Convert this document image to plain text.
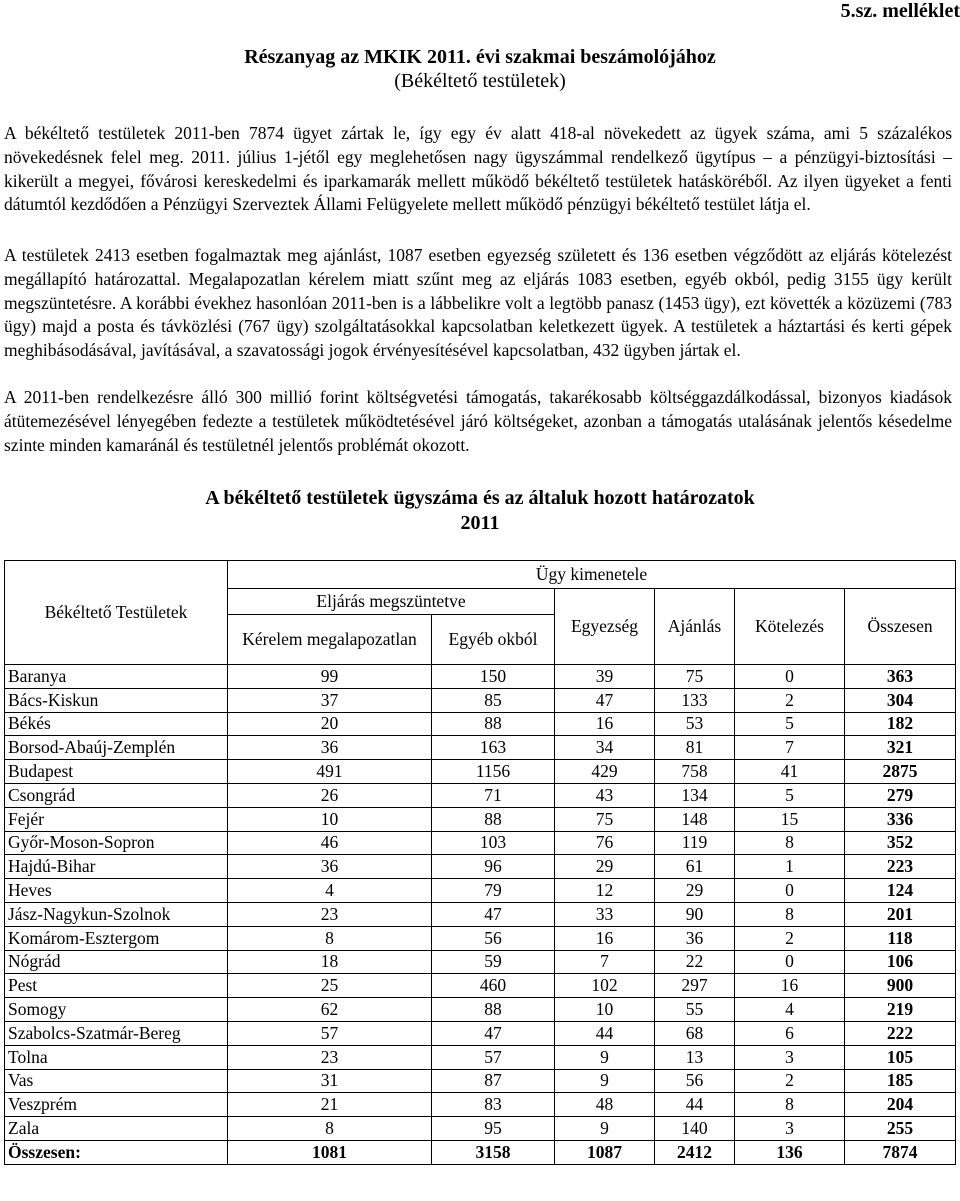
5.sz. melléklet
Részanyag az MKIK 2011. évi szakmai beszámolójához
(Békéltető testületek)
A békéltető testületek 2011-ben 7874 ügyet zártak le, így egy év alatt 418-al növekedett az ügyek száma, ami 5 százalékos növekedésnek felel meg. 2011. július 1-jétől egy meglehetősen nagy ügyszámmal rendelkező ügytípus – a pénzügyi-biztosítási – kikerült a megyei, fővárosi kereskedelmi és iparkamarák mellett működő békéltető testületek hatásköréből. Az ilyen ügyeket a fenti dátumtól kezdődően a Pénzügyi Szerveztek Állami Felügyelete mellett működő pénzügyi békéltető testület látja el.
A testületek 2413 esetben fogalmaztak meg ajánlást, 1087 esetben egyezség született és 136 esetben végződött az eljárás kötelezést megállapító határozattal. Megalapozatlan kérelem miatt szűnt meg az eljárás 1083 esetben, egyéb okból, pedig 3155 ügy került megszüntetésre. A korábbi évekhez hasonlóan 2011-ben is a lábbelikre volt a legtöbb panasz (1453 ügy), ezt követték a közüzemi (783 ügy) majd a posta és távközlési (767 ügy) szolgáltatásokkal kapcsolatban keletkezett ügyek. A testületek a háztartási és kerti gépek meghibásodásával, javításával, a szavatossági jogok érvényesítésével kapcsolatban, 432 ügyben jártak el.
A 2011-ben rendelkezésre álló 300 millió forint költségvetési támogatás, takarékosabb költséggazdálkodással, bizonyos kiadások átütemezésével lényegében fedezte a testületek működtetésével járó költségeket, azonban a támogatás utalásának jelentős késedelme szinte minden kamaránál és testületnél jelentős problémát okozott.
A békéltető testületek ügyszáma és az általuk hozott határozatok
2011
Békéltető Testületek	Ügy kimenetele					
	Eljárás megszüntetve		Egyezség	Ajánlás	Kötelezés	Összesen
	Kérelem megalapozatlan	Egyéb okból				
Baranya	99	150	39	75	0	363
Bács-Kiskun	37	85	47	133	2	304
Békés	20	88	16	53	5	182
Borsod-Abaúj-Zemplén	36	163	34	81	7	321
Budapest	491	1156	429	758	41	2875
Csongrád	26	71	43	134	5	279
Fejér	10	88	75	148	15	336
Győr-Moson-Sopron	46	103	76	119	8	352
Hajdú-Bihar	36	96	29	61	1	223
Heves	4	79	12	29	0	124
Jász-Nagykun-Szolnok	23	47	33	90	8	201
Komárom-Esztergom	8	56	16	36	2	118
Nógrád	18	59	7	22	0	106
Pest	25	460	102	297	16	900
Somogy	62	88	10	55	4	219
Szabolcs-Szatmár-Bereg	57	47	44	68	6	222
Tolna	23	57	9	13	3	105
Vas	31	87	9	56	2	185
Veszprém	21	83	48	44	8	204
Zala	8	95	9	140	3	255
Összesen:	1081	3158	1087	2412	136	7874
